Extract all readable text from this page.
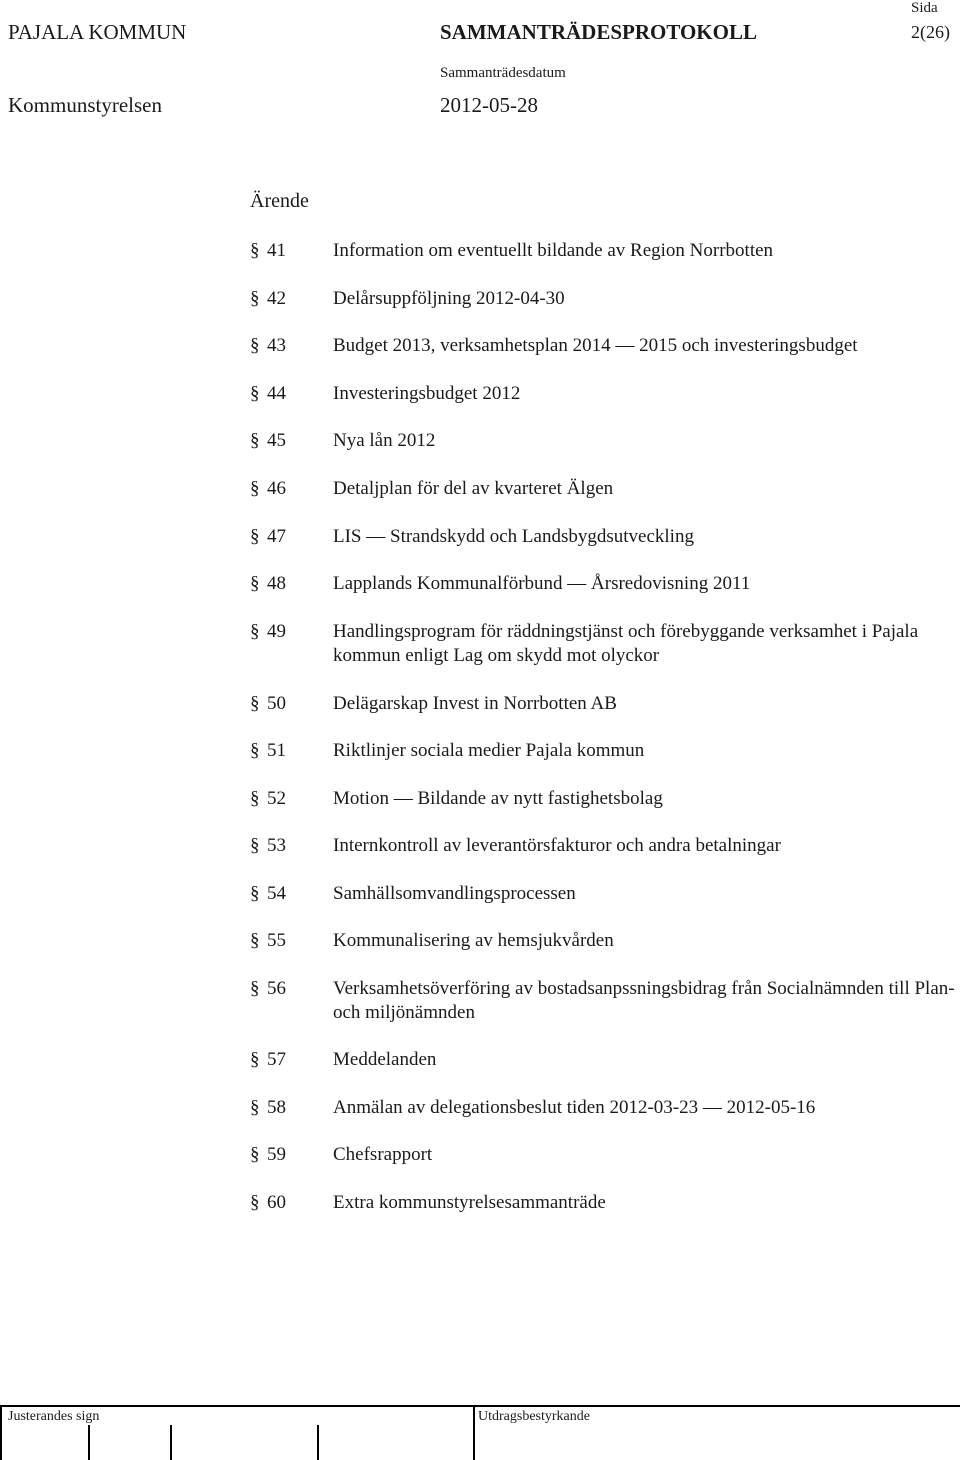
PAJALA KOMMUN	SAMMANTRÄDESPROTOKOLL
Sida
2(26)
Sammanträdesdatum
Kommunstyrelsen	2012-05-28
Ärende
§ 41 Information om eventuellt bildande av Region Norrbotten
§ 42 Delårsuppföljning 2012-04-30
§ 43 Budget 2013, verksamhetsplan 2014 — 2015 och investeringsbudget
§ 44 Investeringsbudget 2012
§ 45 Nya lån 2012
§ 46 Detaljplan för del av kvarteret Älgen
§ 47 LIS — Strandskydd och Landsbygdsutveckling
§ 48 Lapplands Kommunalförbund — Årsredovisning 2011
§ 49 Handlingsprogram för räddningstjänst och förebyggande verksamhet i Pajala kommun enligt Lag om skydd mot olyckor
§ 50 Delägarskap Invest in Norrbotten AB
§ 51 Riktlinjer sociala medier Pajala kommun
§ 52 Motion — Bildande av nytt fastighetsbolag
§ 53 Internkontroll av leverantörsfakturor och andra betalningar
§ 54 Samhällsomvandlingsprocessen
§ 55 Kommunalisering av hemsjukvården
§ 56 Verksamhetsöverföring av bostadsanpssningsbidrag från Socialnämnden till Plan- och miljönämnden
§ 57 Meddelanden
§ 58 Anmälan av delegationsbeslut tiden 2012-03-23 — 2012-05-16
§ 59 Chefsrapport
§ 60 Extra kommunstyrelsesammanträde
Justerandes sign	Utdragsbestyrkande
